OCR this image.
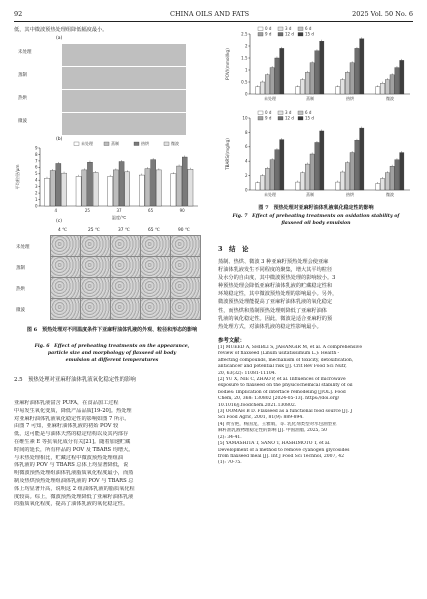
92	CHINA OILS AND FATS	2025 Vol. 50 No. 6
低，其中微波预热处理组降低幅度最小。
(a)
未处理
蒸制
热烘
微波
(b)
0
1
2
3
4
5
6
7
8
9
4	25	37	65	90
平均粒径/μm
温度/℃
未处理	蒸制	热烘	微波
(c)
4 ℃	25 ℃	37 ℃	65 ℃	90 ℃
未处理
蒸制
热烘
微波
图 6　预热处理对不同温度条件下亚麻籽油体乳液的外观、粒径和形态的影响
Fig. 6　Effect of preheating treatments on the appearance,
particle size and morphology of flaxseed oil body
emulsion at different temperatures
2.5　预热处理对亚麻籽油体乳液氧化稳定性的影响
亚麻籽油体乳液富含 PUFA，在食品加工过程
中易发生氧化变质，降低产品品质[19-20]。热处理
对亚麻籽油体乳液氧化稳定性的影响如图 7 所示。
由图 7 可知，亚麻籽油体乳液的初始 POV 较
低，这可能是与油体天然的稳定结构以及其内部存
在维生素 E 等抗氧化成分有关[21]。随着加速贮藏
时间的延长，所有样品的 POV 及 TBARS 均增大。
与未热处理相比，贮藏过程中微波预热处理组油
体乳液的 POV 与 TBARS 总体上均显著降低，说
明微波预热处理组油体乳液脂质氧化程度最小，而蒸
制及热烘预热处理组油体乳液的 POV 与 TBARS 总
体上均显著升高，说明这 2 组油体乳液的脂质氧化程
度较高。综上，微波预热处理降低了亚麻籽油体乳液
的脂质氧化程度，提高了油体乳液的氧化稳定性。
0
0.5
1
1.5
2
2.5
未处理	蒸制	热烘	微波
POV/(mmol/kg)
0 d	3 d	6 d
9 d	12 d	15 d
0
2
4
6
8
10
未处理	蒸制	热烘	微波
TBARS/(mg/kg)
0 d	3 d	6 d
9 d	12 d	15 d
图 7　预热处理对亚麻籽油体乳液氧化稳定性的影响
Fig. 7　Effect of preheating treatments on oxidation stability of
flaxseed oil body emulsion
3　结　论
蒸制、热烘、微波 3 种亚麻籽预热处理会使亚麻
籽油体乳液发生不同程度的聚集，增大其平均粒径
及水分的自由度，其中微波预热处理的影响较小。3
种预热处理会降低亚麻籽油体乳液的贮藏稳定性和
环境稳定性，其中微波预热处理的影响最小。另外，
微波预热处理能提高了亚麻籽油体乳液的氧化稳定
性，而热烘和蒸制预热处理则降低了亚麻籽油体
乳液的氧化稳定性。因此，微波是适合亚麻籽的预
热处理方式，对油体乳液的稳定性影响最小。
参考文献：
[1] MUEED A, SHIBLI S, JAHANGIR M, et al. A comprehensive
review of flaxseed (Linum usitatissimum L.): Health -
affecting compounds, mechanism of toxicity, detoxification,
anticancer and potential risk [J]. Crit Rev Food Sci Nutr,
20, 63(32): 11081-11104.
[2] YU X, NIE C, ZHAO P, et al. Influences of microwave
exposure to flaxseed on the physicochemical stability of oil
bodies: Implication of interface remodeling [J/OL]. Food
Chem, 20, 368: 130802 [2024-05-13]. https://doi.org/
10.1016/j.foodchem.2021.130802.
[3] OOMAH B D. Flaxseed as a functional food source [J]. J
Sci Food Agric, 2001, 81(9): 889-894.
[4] 黄雪艳，杨国龙，王雅娟，等. 乳化剂类型对水包油型亚
麻籽油乳液物理稳定性的影响 [J]. 中国油脂, 2025, 50
(2): 34-41.
[5] YAMASHITA T, SANO T, HASHIMOTO T, et al.
Development of a method to remove cyanogen glycosides
from flaxseed meal [J]. Int J Food Sci Technol, 2007, 42
(1): 70-75.
